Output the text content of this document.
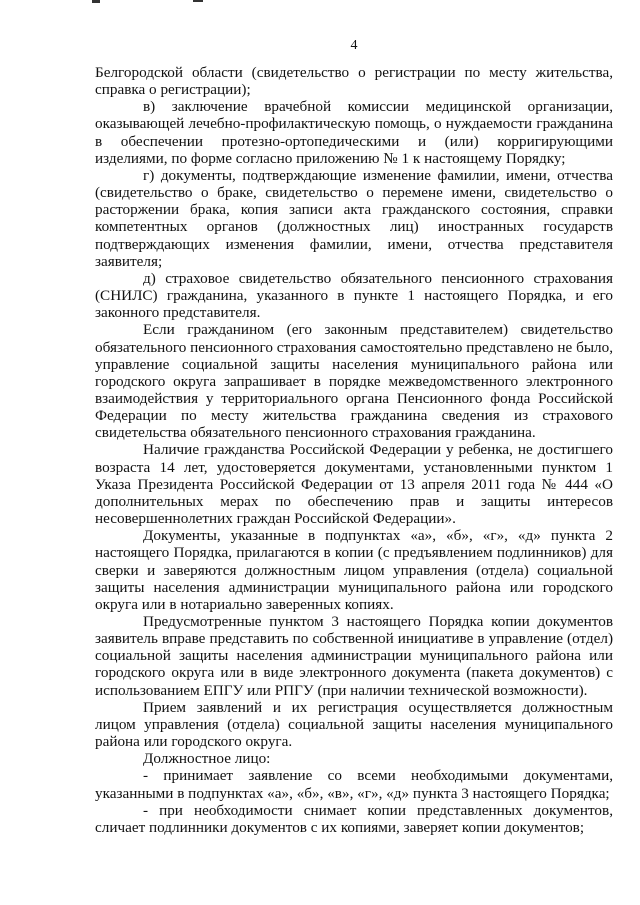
4

Белгородской области (свидетельство о регистрации по месту жительства, справка о регистрации);

в) заключение врачебной комиссии медицинской организации, оказывающей лечебно-профилактическую помощь, о нуждаемости гражданина в обеспечении протезно-ортопедическими и (или) корригирующими изделиями, по форме согласно приложению № 1 к настоящему Порядку;

г) документы, подтверждающие изменение фамилии, имени, отчества (свидетельство о браке, свидетельство о перемене имени, свидетельство о расторжении брака, копия записи акта гражданского состояния, справки компетентных органов (должностных лиц) иностранных государств подтверждающих изменения фамилии, имени, отчества представителя заявителя;

д) страховое свидетельство обязательного пенсионного страхования (СНИЛС) гражданина, указанного в пункте 1 настоящего Порядка, и его законного представителя.

Если гражданином (его законным представителем) свидетельство обязательного пенсионного страхования самостоятельно представлено не было, управление социальной защиты населения муниципального района или городского округа запрашивает в порядке межведомственного электронного взаимодействия у территориального органа Пенсионного фонда Российской Федерации по месту жительства гражданина сведения из страхового свидетельства обязательного пенсионного страхования гражданина.

Наличие гражданства Российской Федерации у ребенка, не достигшего возраста 14 лет, удостоверяется документами, установленными пунктом 1 Указа Президента Российской Федерации от 13 апреля 2011 года № 444 «О дополнительных мерах по обеспечению прав и защиты интересов несовершеннолетних граждан Российской Федерации».

Документы, указанные в подпунктах «а», «б», «г», «д» пункта 2 настоящего Порядка, прилагаются в копии (с предъявлением подлинников) для сверки и заверяются должностным лицом управления (отдела) социальной защиты населения администрации муниципального района или городского округа или в нотариально заверенных копиях.

Предусмотренные пунктом 3 настоящего Порядка копии документов заявитель вправе представить по собственной инициативе в управление (отдел) социальной защиты населения администрации муниципального района или городского округа или в виде электронного документа (пакета документов) с использованием ЕПГУ или РПГУ (при наличии технической возможности).

Прием заявлений и их регистрация осуществляется должностным лицом управления (отдела) социальной защиты населения муниципального района или городского округа.

Должностное лицо:

- принимает заявление со всеми необходимыми документами, указанными в подпунктах «а», «б», «в», «г», «д» пункта 3 настоящего Порядка;

- при необходимости снимает копии представленных документов, сличает подлинники документов с их копиями, заверяет копии документов;
